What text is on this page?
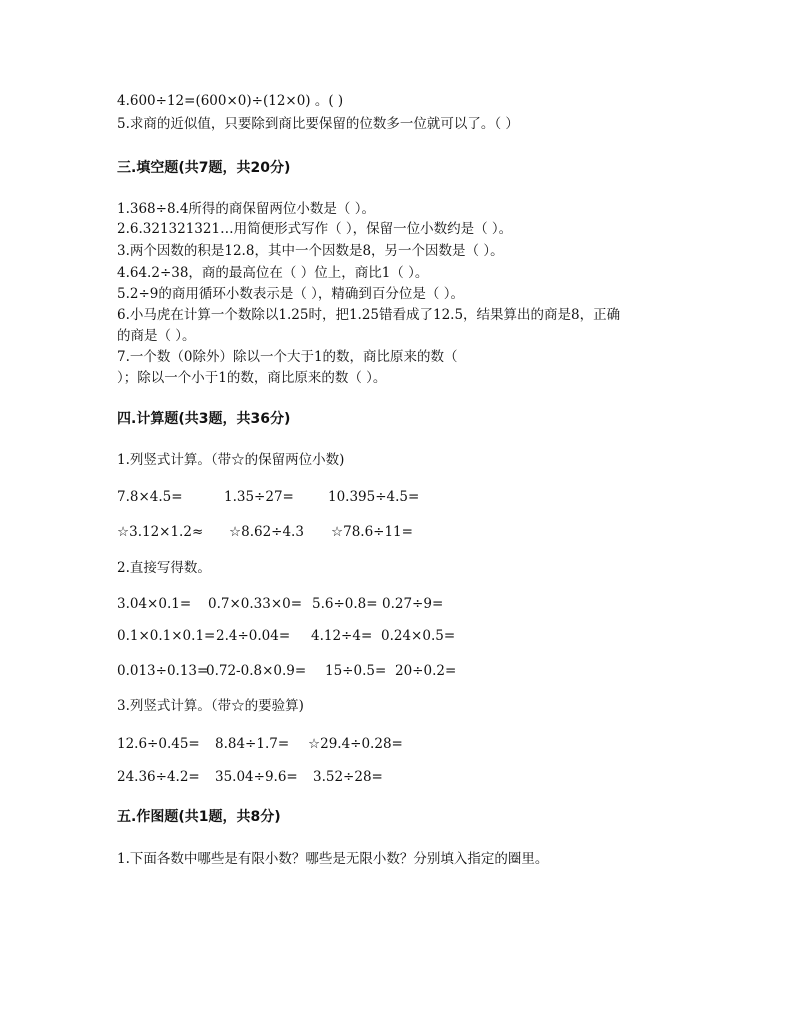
4.600÷12=(600×0)÷(12×0) 。( )
5.求商的近似值，只要除到商比要保留的位数多一位就可以了。（ ）
三.填空题(共7题，共20分)
1.368÷8.4所得的商保留两位小数是（ ）。
2.6.321321321…用简便形式写作（ ），保留一位小数约是（ ）。
3.两个因数的积是12.8，其中一个因数是8，另一个因数是（ ）。
4.64.2÷38，商的最高位在（ ）位上，商比1（ ）。
5.2÷9的商用循环小数表示是（ ），精确到百分位是（ ）。
6.小马虎在计算一个数除以1.25时，把1.25错看成了12.5，结果算出的商是8，正确
的商是（ ）。
7.一个数（0除外）除以一个大于1的数，商比原来的数（
）；除以一个小于1的数，商比原来的数（ ）。
四.计算题(共3题，共36分)
1.列竖式计算。（带☆的保留两位小数)
7.8×4.5=	1.35÷27=	10.395÷4.5=
☆3.12×1.2≈ ☆8.62÷4.3 ☆78.6÷11=
2.直接写得数。
3.04×0.1= 0.7×0.33×0= 5.6÷0.8= 0.27÷9=
0.1×0.1×0.1= 2.4÷0.04= 4.12÷4= 0.24×0.5=
0.013÷0.13=
0.72-0.8×0.9= 15÷0.5= 20÷0.2=
3.列竖式计算。（带☆的要验算)
12.6÷0.45= 8.84÷1.7= ☆29.4÷0.28=
24.36÷4.2= 35.04÷9.6= 3.52÷28=
五.作图题(共1题，共8分)
1.下面各数中哪些是有限小数？哪些是无限小数？分别填入指定的圈里。
